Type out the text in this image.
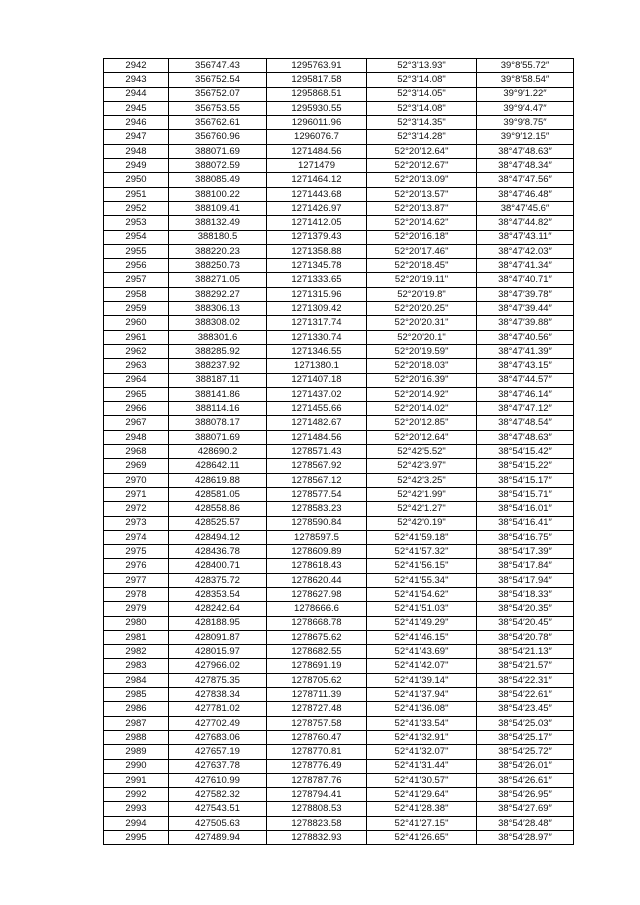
2942	356747.43	1295763.91	52°3'13.93"	39°8′55.72″
2943	356752.54	1295817.58	52°3'14.08"	39°8′58.54″
2944	356752.07	1295868.51	52°3'14.05"	39°9′1.22″
2945	356753.55	1295930.55	52°3'14.08"	39°9′4.47″
2946	356762.61	1296011.96	52°3'14.35"	39°9′8.75″
2947	356760.96	1296076.7	52°3'14.28"	39°9′12.15″
2948	388071.69	1271484.56	52°20'12.64"	38°47′48.63″
2949	388072.59	1271479	52°20'12.67"	38°47′48.34″
2950	388085.49	1271464.12	52°20'13.09"	38°47′47.56″
2951	388100.22	1271443.68	52°20'13.57"	38°47′46.48″
2952	388109.41	1271426.97	52°20'13.87"	38°47′45.6″
2953	388132.49	1271412.05	52°20'14.62"	38°47′44.82″
2954	388180.5	1271379.43	52°20'16.18"	38°47′43.11″
2955	388220.23	1271358.88	52°20'17.46"	38°47′42.03″
2956	388250.73	1271345.78	52°20'18.45"	38°47′41.34″
2957	388271.05	1271333.65	52°20'19.11"	38°47′40.71″
2958	388292.27	1271315.96	52°20'19.8"	38°47′39.78″
2959	388306.13	1271309.42	52°20'20.25"	38°47′39.44″
2960	388308.02	1271317.74	52°20'20.31"	38°47′39.88″
2961	388301.6	1271330.74	52°20'20.1"	38°47′40.56″
2962	388285.92	1271346.55	52°20'19.59"	38°47′41.39″
2963	388237.92	1271380.1	52°20'18.03"	38°47′43.15″
2964	388187.11	1271407.18	52°20'16.39"	38°47′44.57″
2965	388141.86	1271437.02	52°20'14.92"	38°47′46.14″
2966	388114.16	1271455.66	52°20'14.02"	38°47′47.12″
2967	388078.17	1271482.67	52°20'12.85"	38°47′48.54″
2948	388071.69	1271484.56	52°20'12.64"	38°47′48.63″
2968	428690.2	1278571.43	52°42'5.52"	38°54′15.42″
2969	428642.11	1278567.92	52°42'3.97"	38°54′15.22″
2970	428619.88	1278567.12	52°42'3.25"	38°54′15.17″
2971	428581.05	1278577.54	52°42'1.99"	38°54′15.71″
2972	428558.86	1278583.23	52°42'1.27"	38°54′16.01″
2973	428525.57	1278590.84	52°42'0.19"	38°54′16.41″
2974	428494.12	1278597.5	52°41'59.18"	38°54′16.75″
2975	428436.78	1278609.89	52°41'57.32"	38°54′17.39″
2976	428400.71	1278618.43	52°41'56.15"	38°54′17.84″
2977	428375.72	1278620.44	52°41'55.34"	38°54′17.94″
2978	428353.54	1278627.98	52°41'54.62"	38°54′18.33″
2979	428242.64	1278666.6	52°41'51.03"	38°54′20.35″
2980	428188.95	1278668.78	52°41'49.29"	38°54′20.45″
2981	428091.87	1278675.62	52°41'46.15"	38°54′20.78″
2982	428015.97	1278682.55	52°41'43.69"	38°54′21.13″
2983	427966.02	1278691.19	52°41'42.07"	38°54′21.57″
2984	427875.35	1278705.62	52°41'39.14"	38°54′22.31″
2985	427838.34	1278711.39	52°41'37.94"	38°54′22.61″
2986	427781.02	1278727.48	52°41'36.08"	38°54′23.45″
2987	427702.49	1278757.58	52°41'33.54"	38°54′25.03″
2988	427683.06	1278760.47	52°41'32.91"	38°54′25.17″
2989	427657.19	1278770.81	52°41'32.07"	38°54′25.72″
2990	427637.78	1278776.49	52°41'31.44"	38°54′26.01″
2991	427610.99	1278787.76	52°41'30.57"	38°54′26.61″
2992	427582.32	1278794.41	52°41'29.64"	38°54′26.95″
2993	427543.51	1278808.53	52°41'28.38"	38°54′27.69″
2994	427505.63	1278823.58	52°41'27.15"	38°54′28.48″
2995	427489.94	1278832.93	52°41'26.65"	38°54′28.97″
